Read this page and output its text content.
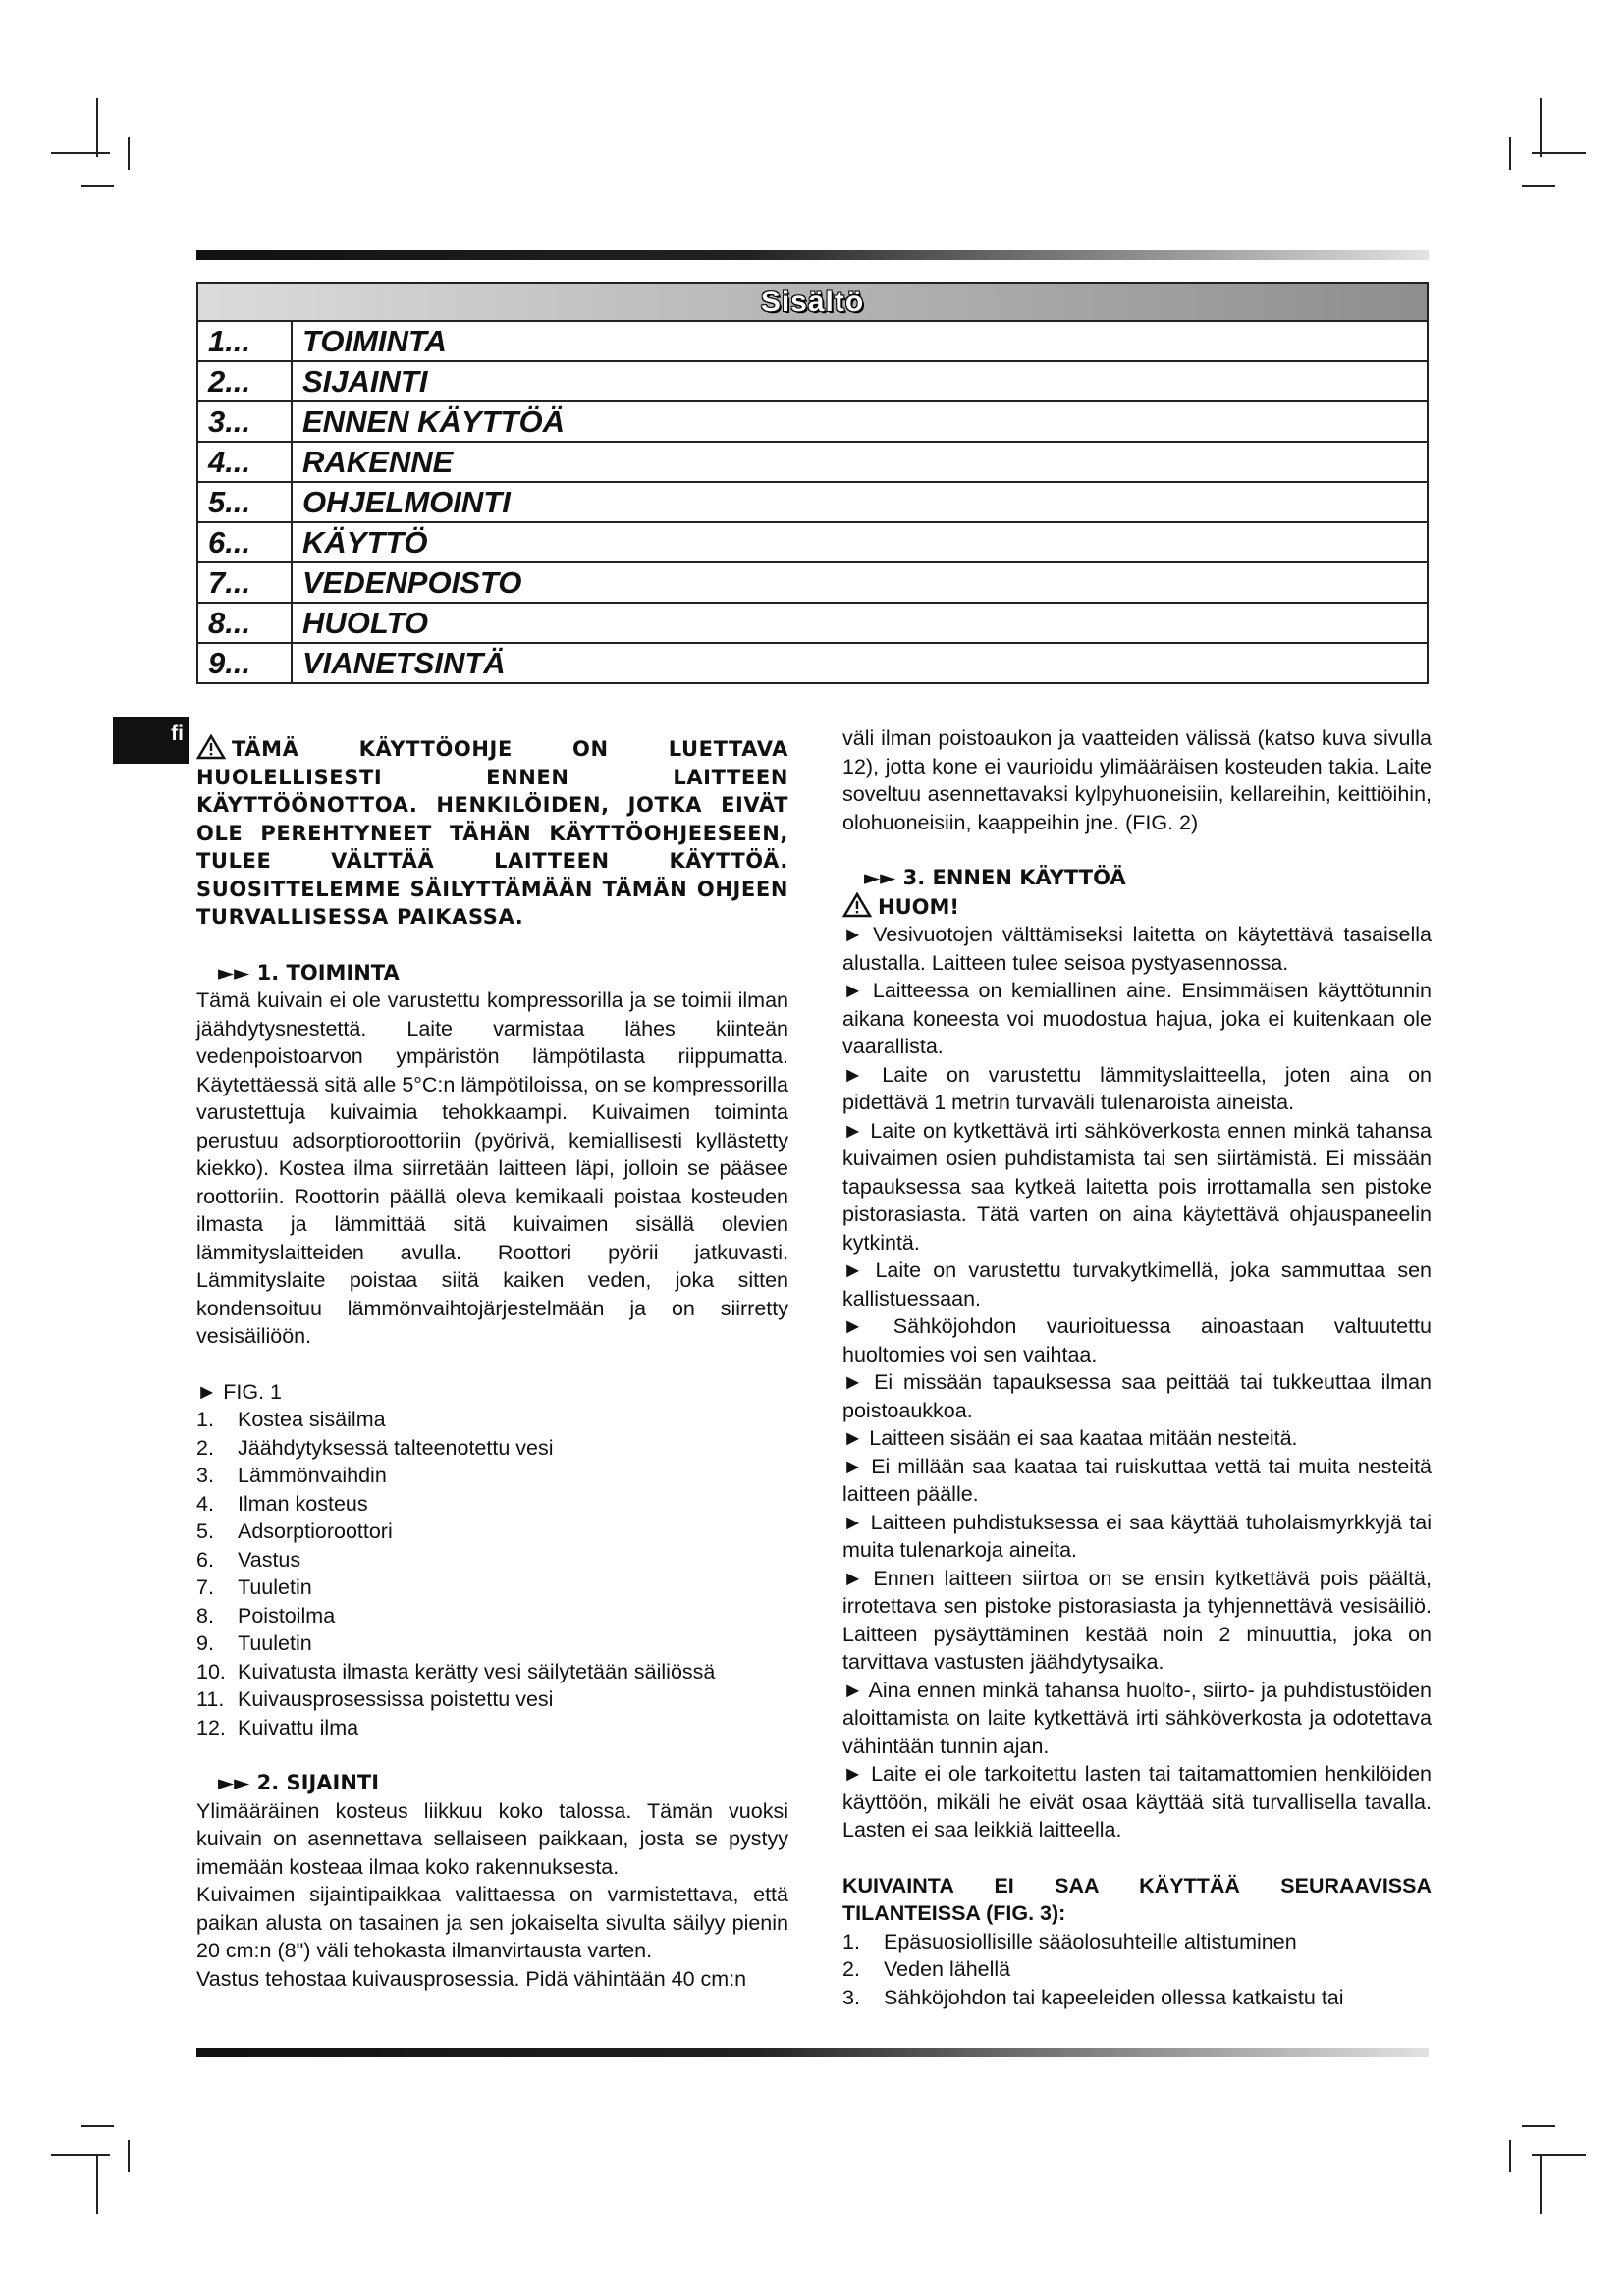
Sisältö	
1...	TOIMINTA
2...	SIJAINTI
3...	ENNEN KÄYTTÖÄ
4...	RAKENNE
5...	OHJELMOINTI
6...	KÄYTTÖ
7...	VEDENPOISTO
8...	HUOLTO
9...	VIANETSINTÄ
fi

TÄMÄ KÄYTTÖOHJE ON LUETTAVA HUOLELLISESTI ENNEN LAITTEEN KÄYTTÖÖNOTTOA. HENKILÖIDEN, JOTKA EIVÄT OLE PEREHTYNEET TÄHÄN KÄYTTÖOHJEESEEN, TULEE VÄLTTÄÄ LAITTEEN KÄYTTÖÄ. SUOSITTELEMME SÄILYTTÄMÄÄN TÄMÄN OHJEEN TURVALLISESSA PAIKASSA.

►► 1. TOIMINTA

Tämä kuivain ei ole varustettu kompressorilla ja se toimii ilman jäähdytysnestettä. Laite varmistaa lähes kiinteän vedenpoistoarvon ympäristön lämpötilasta riippumatta. Käytettäessä sitä alle 5°C:n lämpötiloissa, on se kompressorilla varustettuja kuivaimia tehokkaampi. Kuivaimen toiminta perustuu adsorptioroottoriin (pyörivä, kemiallisesti kyllästetty kiekko). Kostea ilma siirretään laitteen läpi, jolloin se pääsee roottoriin. Roottorin päällä oleva kemikaali poistaa kosteuden ilmasta ja lämmittää sitä kuivaimen sisällä olevien lämmityslaitteiden avulla. Roottori pyörii jatkuvasti. Lämmityslaite poistaa siitä kaiken veden, joka sitten kondensoituu lämmönvaihtojärjestelmään ja on siirretty vesisäiliöön.

► FIG. 1

1.	Kostea sisäilma
2.	Jäähdytyksessä talteenotettu vesi
3.	Lämmönvaihdin
4.	Ilman kosteus
5.	Adsorptioroottori
6.	Vastus
7.	Tuuletin
8.	Poistoilma
9.	Tuuletin
10. Kuivatusta ilmasta kerätty vesi säilytetään säiliössä
11. Kuivausprosessissa poistettu vesi
12. Kuivattu ilma

►► 2. SIJAINTI

Ylimääräinen kosteus liikkuu koko talossa. Tämän vuoksi kuivain on asennettava sellaiseen paikkaan, josta se pystyy imemään kosteaa ilmaa koko rakennuksesta.

Kuivaimen sijaintipaikkaa valittaessa on varmistettava, että paikan alusta on tasainen ja sen jokaiselta sivulta säilyy pienin 20 cm:n (8") väli tehokasta ilmanvirtausta varten.

Vastus tehostaa kuivausprosessia. Pidä vähintään 40 cm:n

väli ilman poistoaukon ja vaatteiden välissä (katso kuva sivulla 12), jotta kone ei vaurioidu ylimääräisen kosteuden takia. Laite soveltuu asennettavaksi kylpyhuoneisiin, kellareihin, keittiöihin, olohuoneisiin, kaappeihin jne. (FIG. 2)

►► 3. ENNEN KÄYTTÖÄ

HUOM!

► Vesivuotojen välttämiseksi laitetta on käytettävä tasaisella alustalla. Laitteen tulee seisoa pystyasennossa.

► Laitteessa on kemiallinen aine. Ensimmäisen käyttötunnin aikana koneesta voi muodostua hajua, joka ei kuitenkaan ole vaarallista.

► Laite on varustettu lämmityslaitteella, joten aina on pidettävä 1 metrin turvaväli tulenaroista aineista.

► Laite on kytkettävä irti sähköverkosta ennen minkä tahansa kuivaimen osien puhdistamista tai sen siirtämistä. Ei missään tapauksessa saa kytkeä laitetta pois irrottamalla sen pistoke pistorasiasta. Tätä varten on aina käytettävä ohjauspaneelin kytkintä.

► Laite on varustettu turvakytkimellä, joka sammuttaa sen kallistuessaan.

► Sähköjohdon vaurioituessa ainoastaan valtuutettu huoltomies voi sen vaihtaa.

► Ei missään tapauksessa saa peittää tai tukkeuttaa ilman poistoaukkoa.

► Laitteen sisään ei saa kaataa mitään nesteitä.

► Ei millään saa kaataa tai ruiskuttaa vettä tai muita nesteitä laitteen päälle.

► Laitteen puhdistuksessa ei saa käyttää tuholaismyrkkyjä tai muita tulenarkoja aineita.

► Ennen laitteen siirtoa on se ensin kytkettävä pois päältä, irrotettava sen pistoke pistorasiasta ja tyhjennettävä vesisäiliö. Laitteen pysäyttäminen kestää noin 2 minuuttia, joka on tarvittava vastusten jäähdytysaika.

► Aina ennen minkä tahansa huolto-, siirto- ja puhdistustöiden aloittamista on laite kytkettävä irti sähköverkosta ja odotettava vähintään tunnin ajan.

► Laite ei ole tarkoitettu lasten tai taitamattomien henkilöiden käyttöön, mikäli he eivät osaa käyttää sitä turvallisella tavalla. Lasten ei saa leikkiä laitteella.

KUIVAINTA EI SAA KÄYTTÄÄ SEURAAVISSA TILANTEISSA (FIG. 3):

1.	Epäsuosiollisille sääolosuhteille altistuminen
2.	Veden lähellä
3.	Sähköjohdon tai kapeeleiden ollessa katkaistu tai
